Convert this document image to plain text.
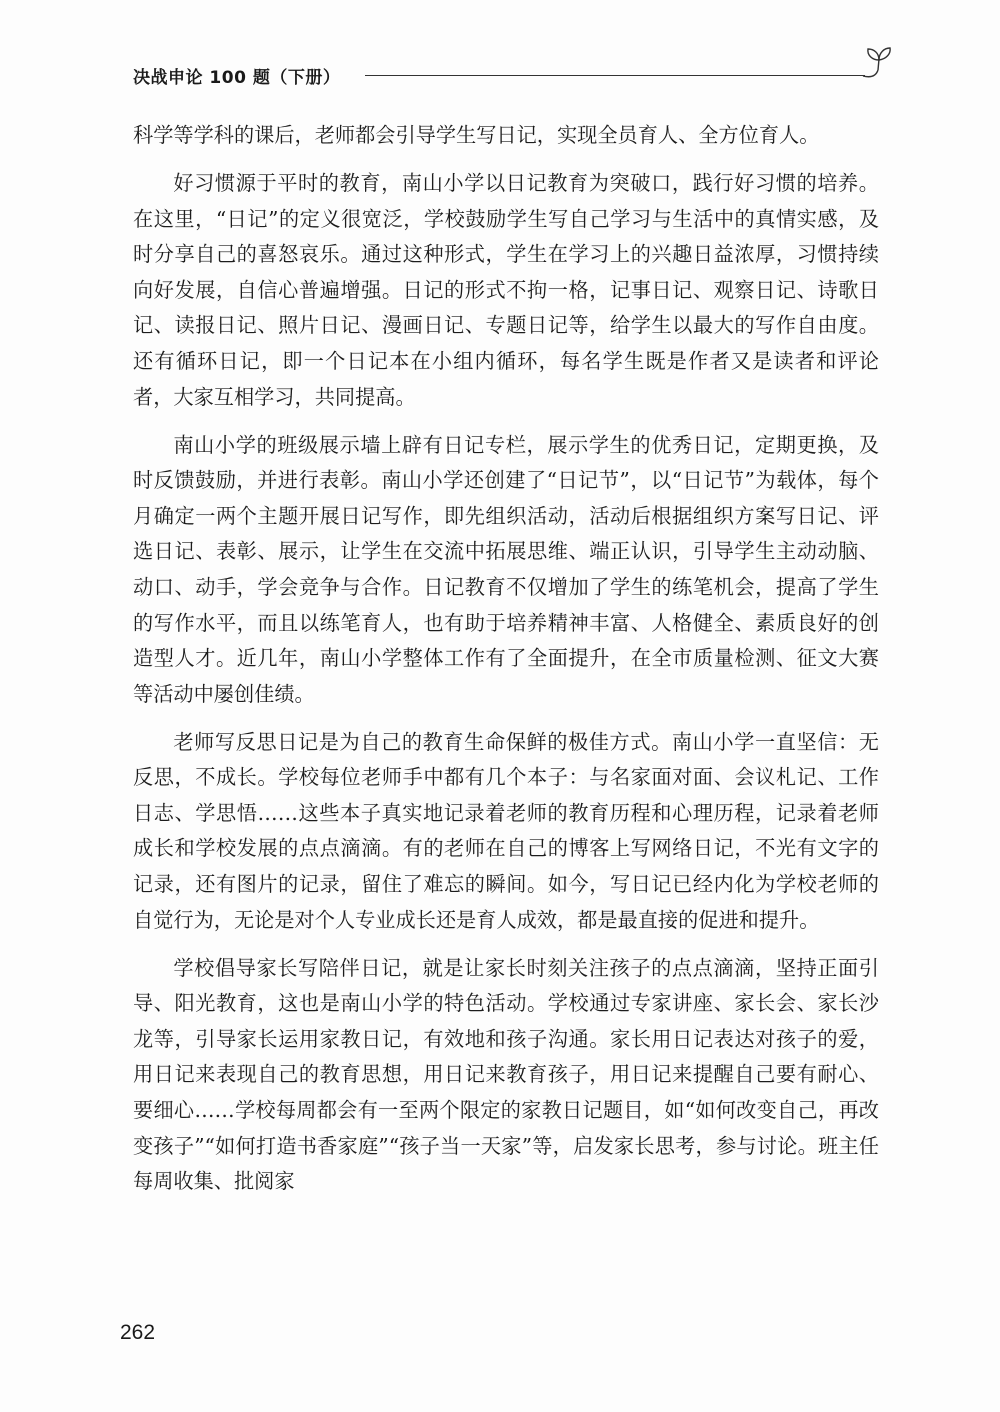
决战申论 100 题（下册）

科学等学科的课后，老师都会引导学生写日记，实现全员育人、全方位育人。

好习惯源于平时的教育，南山小学以日记教育为突破口，践行好习惯的培养。在这里，“日记”的定义很宽泛，学校鼓励学生写自己学习与生活中的真情实感，及时分享自己的喜怒哀乐。通过这种形式，学生在学习上的兴趣日益浓厚，习惯持续向好发展，自信心普遍增强。日记的形式不拘一格，记事日记、观察日记、诗歌日记、读报日记、照片日记、漫画日记、专题日记等，给学生以最大的写作自由度。还有循环日记，即一个日记本在小组内循环，每名学生既是作者又是读者和评论者，大家互相学习，共同提高。

南山小学的班级展示墙上辟有日记专栏，展示学生的优秀日记，定期更换，及时反馈鼓励，并进行表彰。南山小学还创建了“日记节”，以“日记节”为载体，每个月确定一两个主题开展日记写作，即先组织活动，活动后根据组织方案写日记、评选日记、表彰、展示，让学生在交流中拓展思维、端正认识，引导学生主动动脑、动口、动手，学会竞争与合作。日记教育不仅增加了学生的练笔机会，提高了学生的写作水平，而且以练笔育人，也有助于培养精神丰富、人格健全、素质良好的创造型人才。近几年，南山小学整体工作有了全面提升，在全市质量检测、征文大赛等活动中屡创佳绩。

老师写反思日记是为自己的教育生命保鲜的极佳方式。南山小学一直坚信：无反思，不成长。学校每位老师手中都有几个本子：与名家面对面、会议札记、工作日志、学思悟……这些本子真实地记录着老师的教育历程和心理历程，记录着老师成长和学校发展的点点滴滴。有的老师在自己的博客上写网络日记，不光有文字的记录，还有图片的记录，留住了难忘的瞬间。如今，写日记已经内化为学校老师的自觉行为，无论是对个人专业成长还是育人成效，都是最直接的促进和提升。

学校倡导家长写陪伴日记，就是让家长时刻关注孩子的点点滴滴，坚持正面引导、阳光教育，这也是南山小学的特色活动。学校通过专家讲座、家长会、家长沙龙等，引导家长运用家教日记，有效地和孩子沟通。家长用日记表达对孩子的爱，用日记来表现自己的教育思想，用日记来教育孩子，用日记来提醒自己要有耐心、要细心……学校每周都会有一至两个限定的家教日记题目，如“如何改变自己，再改变孩子”“如何打造书香家庭”“孩子当一天家”等，启发家长思考，参与讨论。班主任每周收集、批阅家

262
